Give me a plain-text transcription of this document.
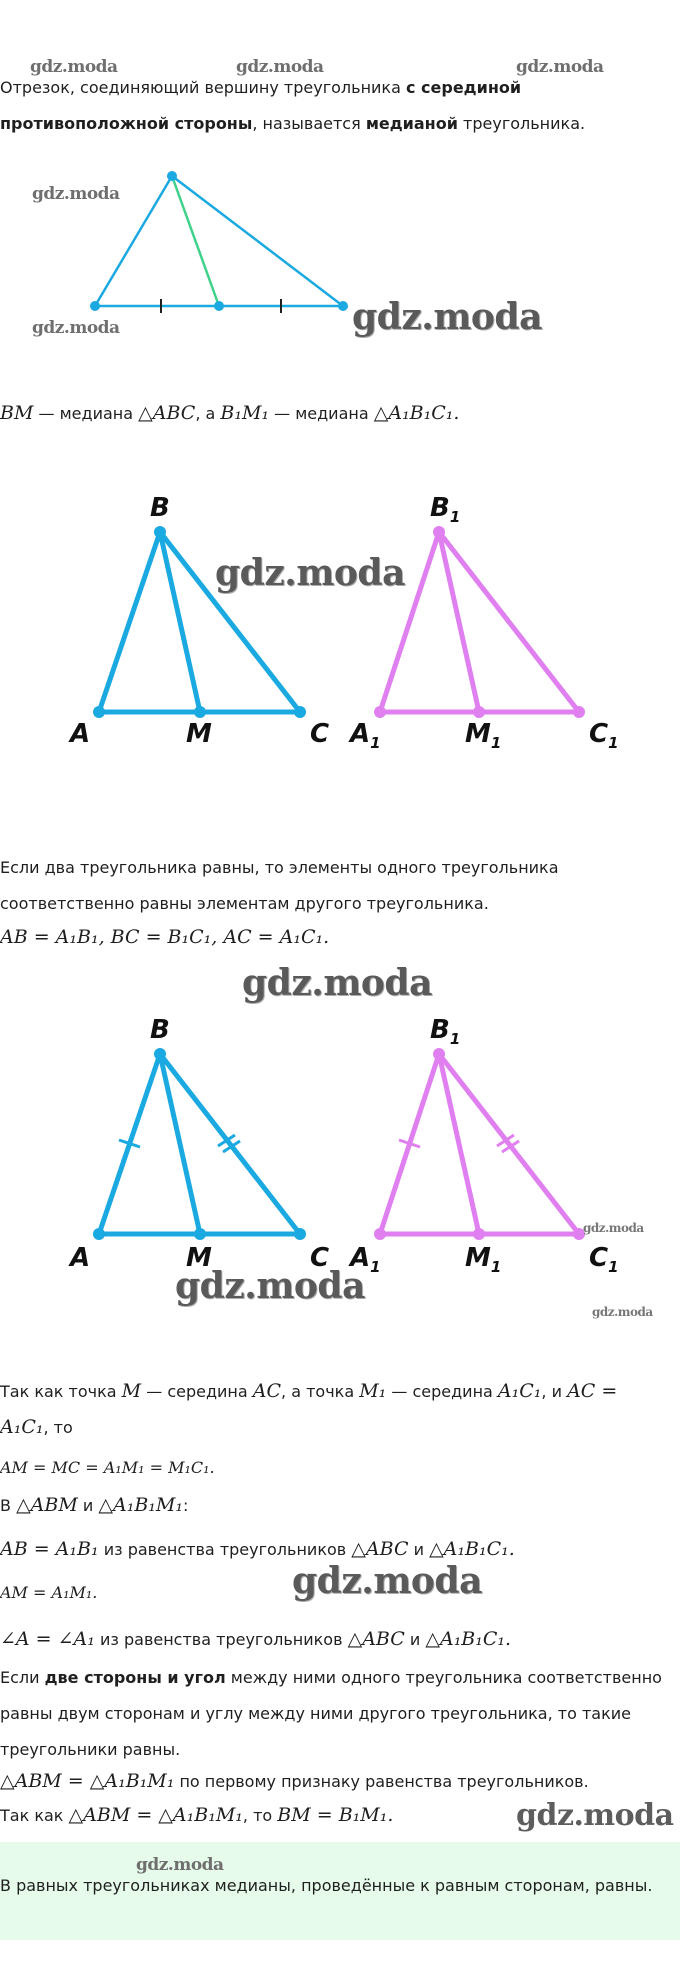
gdz.moda	gdz.moda	gdz.moda
Отрезок, соединяющий вершину треугольника с серединой противоположной стороны, называется медианой треугольника.
gdz.moda
gdz.moda	gdz.moda
BM — медиана △ABC, а B₁M₁ — медиана △A₁B₁C₁.
B
A	M	C
$B_1$
$A_1$	$M_1$	$C_1$
gdz.moda
Если два треугольника равны, то элементы одного треугольника соответственно равны элементам другого треугольника.
AB = A₁B₁, BC = B₁C₁, AC = A₁C₁.
gdz.moda
B
A	M	C
$B_1$
$A_1$	$M_1$	$C_1$
gdz.moda
gdz.moda
gdz.moda
Так как точка M — середина AC, а точка M₁ — середина A₁C₁, и AC =
A₁C₁, то
AM = MC = A₁M₁ = M₁C₁.
В △ABM и △A₁B₁M₁:
AB = A₁B₁ из равенства треугольников △ABC и △A₁B₁C₁.
AM = A₁M₁.	gdz.moda
∠A = ∠A₁ из равенства треугольников △ABC и △A₁B₁C₁.
Если две стороны и угол между ними одного треугольника соответственно равны двум сторонам и углу между ними другого треугольника, то такие треугольники равны.
△ABM = △A₁B₁M₁ по первому признаку равенства треугольников.
Так как △ABM = △A₁B₁M₁, то BM = B₁M₁.	gdz.moda
gdz.moda
В равных треугольниках медианы, проведённые к равным сторонам, равны.
